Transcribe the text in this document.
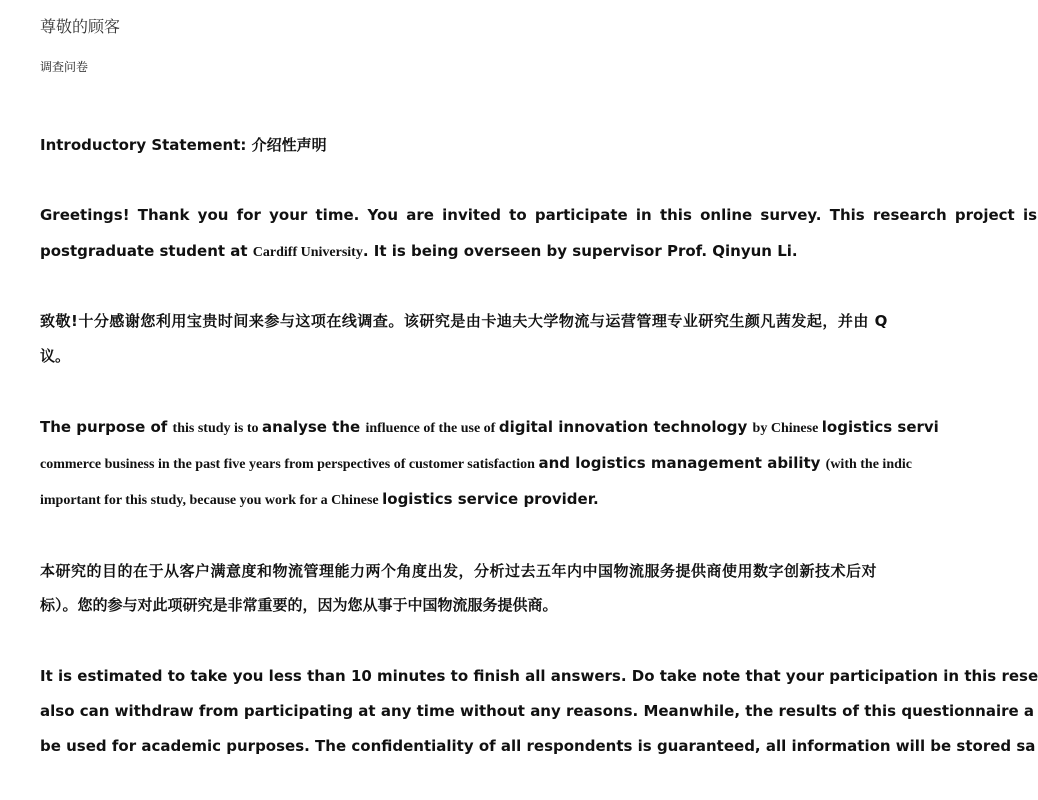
尊敬的顾客
调查问卷
Introductory Statement: 介绍性声明
Greetings! Thank you for your time. You are invited to participate in this online survey. This research project is
postgraduate student at Cardiff University. It is being overseen by supervisor Prof. Qinyun Li.
致敬!十分感谢您利用宝贵时间来参与这项在线调查。该研究是由卡迪夫大学物流与运营管理专业研究生颜凡茜发起，并由 Q
议。
The purpose of this study is to analyse the influence of the use of digital innovation technology by Chinese logistics servi
commerce business in the past five years from perspectives of customer satisfaction and logistics management ability (with the indic
important for this study, because you work for a Chinese logistics service provider.
本研究的目的在于从客户满意度和物流管理能力两个角度出发，分析过去五年内中国物流服务提供商使用数字创新技术后对
标）。您的参与对此项研究是非常重要的，因为您从事于中国物流服务提供商。
It is estimated to take you less than 10 minutes to finish all answers. Do take note that your participation in this rese
also can withdraw from participating at any time without any reasons. Meanwhile, the results of this questionnaire a
be used for academic purposes. The confidentiality of all respondents is guaranteed, all information will be stored sa
